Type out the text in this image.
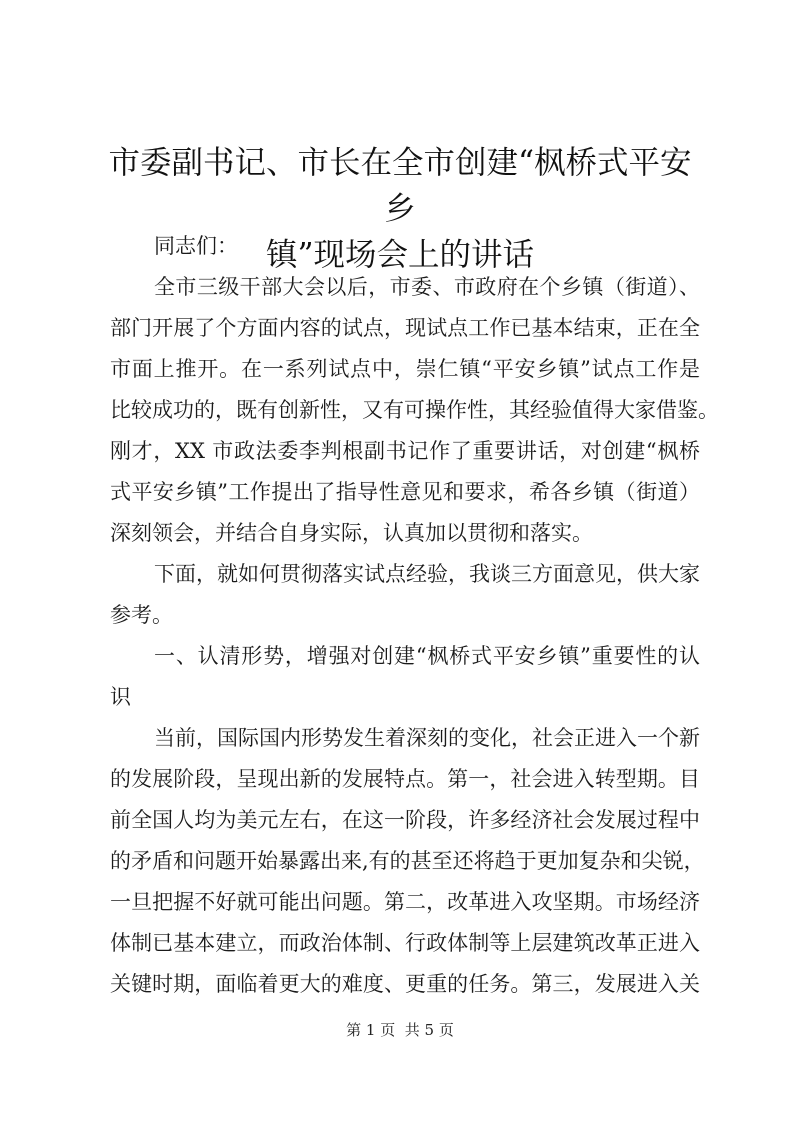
市委副书记、市长在全市创建“枫桥式平安乡
镇”现场会上的讲话
同志们：
全市三级干部大会以后，市委、市政府在个乡镇（街道）、
部门开展了个方面内容的试点，现试点工作已基本结束，正在全
市面上推开。在一系列试点中，崇仁镇“平安乡镇”试点工作是
比较成功的，既有创新性，又有可操作性，其经验值得大家借鉴。
刚才，XX 市政法委李判根副书记作了重要讲话，对创建“枫桥
式平安乡镇”工作提出了指导性意见和要求，希各乡镇（街道）
深刻领会，并结合自身实际，认真加以贯彻和落实。
下面，就如何贯彻落实试点经验，我谈三方面意见，供大家
参考。
一、认清形势，增强对创建“枫桥式平安乡镇”重要性的认
识
当前，国际国内形势发生着深刻的变化，社会正进入一个新
的发展阶段，呈现出新的发展特点。第一，社会进入转型期。目
前全国人均为美元左右，在这一阶段，许多经济社会发展过程中
的矛盾和问题开始暴露出来,有的甚至还将趋于更加复杂和尖锐，
一旦把握不好就可能出问题。第二，改革进入攻坚期。市场经济
体制已基本建立，而政治体制、行政体制等上层建筑改革正进入
关键时期，面临着更大的难度、更重的任务。第三，发展进入关
第 1 页  共 5 页
